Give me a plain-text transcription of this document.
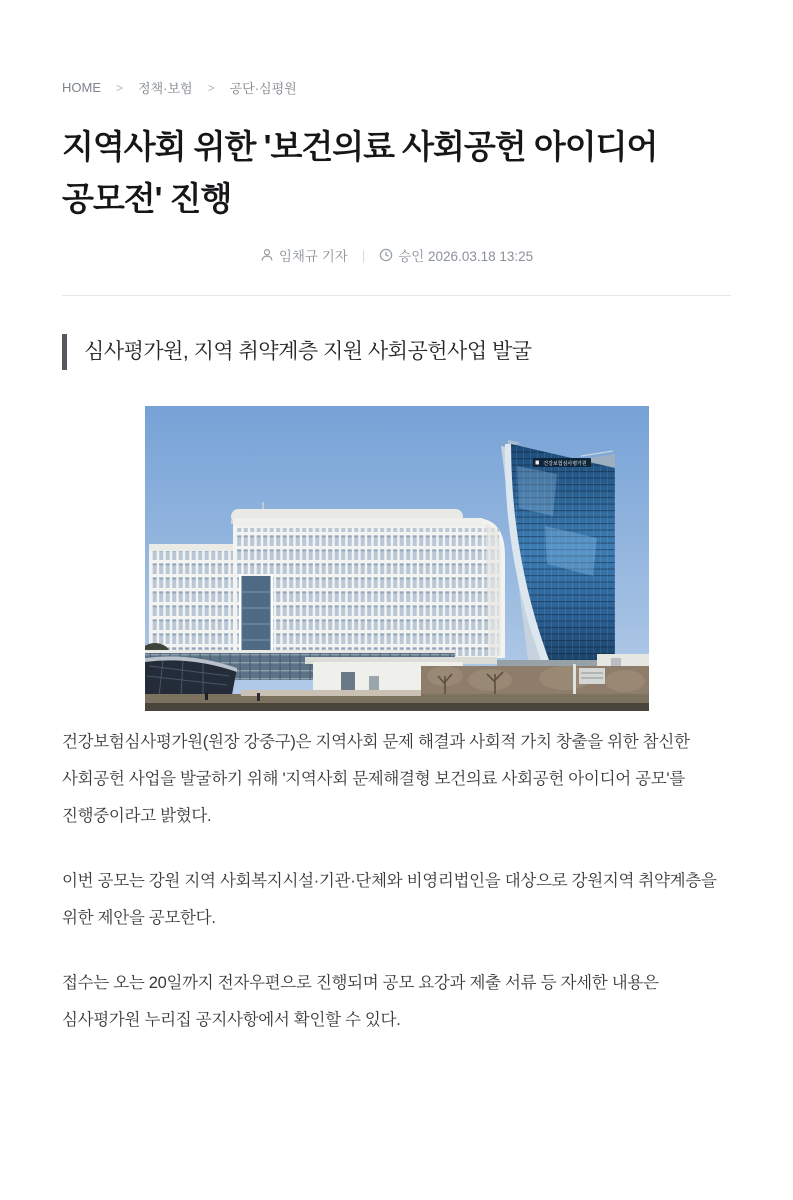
HOME > 정책·보험 > 공단·심평원
지역사회 위한 '보건의료 사회공헌 아이디어 공모전' 진행
임채규 기자	| 승인 2026.03.18 13:25
심사평가원, 지역 취약계층 지원 사회공헌사업 발굴
건강보험심사평가원

건강보험심사평가원(원장 강중구)은 지역사회 문제 해결과 사회적 가치 창출을 위한 참신한 사회공헌 사업을 발굴하기 위해 '지역사회 문제해결형 보건의료 사회공헌 아이디어 공모'를 진행중이라고 밝혔다.

이번 공모는 강원 지역 사회복지시설·기관·단체와 비영리법인을 대상으로 강원지역 취약계층을 위한 제안을 공모한다.

접수는 오는 20일까지 전자우편으로 진행되며 공모 요강과 제출 서류 등 자세한 내용은 심사평가원 누리집 공지사항에서 확인할 수 있다.
